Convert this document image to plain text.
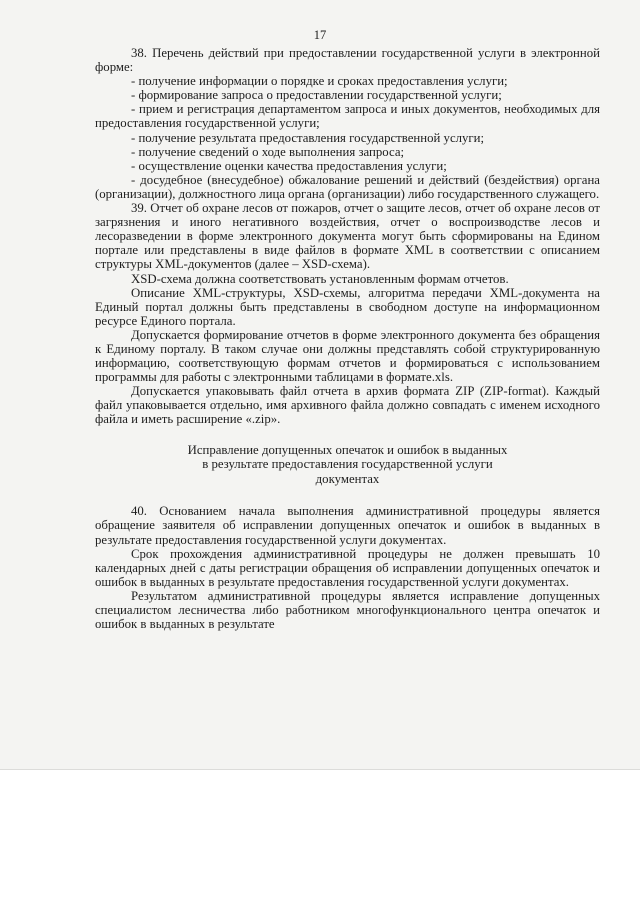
17

38. Перечень действий при предоставлении государственной услуги в электронной форме:

- получение информации о порядке и сроках предоставления услуги;

- формирование запроса о предоставлении государственной услуги;

- прием и регистрация департаментом запроса и иных документов, необходимых для предоставления государственной услуги;

- получение результата предоставления государственной услуги;

- получение сведений о ходе выполнения запроса;

- осуществление оценки качества предоставления услуги;

- досудебное (внесудебное) обжалование решений и действий (бездействия) органа (организации), должностного лица органа (организации) либо государственного служащего.

39. Отчет об охране лесов от пожаров, отчет о защите лесов, отчет об охране лесов от загрязнения и иного негативного воздействия, отчет о воспроизводстве лесов и лесоразведении в форме электронного документа могут быть сформированы на Едином портале или представлены в виде файлов в формате XML в соответствии с описанием структуры XML-документов (далее – XSD-схема).

XSD-схема должна соответствовать установленным формам отчетов.

Описание XML-структуры, XSD-схемы, алгоритма передачи XML-документа на Единый портал должны быть представлены в свободном доступе на информационном ресурсе Единого портала.

Допускается формирование отчетов в форме электронного документа без обращения к Единому порталу. В таком случае они должны представлять собой структурированную информацию, соответствующую формам отчетов и формироваться с использованием программы для работы с электронными таблицами в формате.xls.

Допускается упаковывать файл отчета в архив формата ZIP (ZIP-format). Каждый файл упаковывается отдельно, имя архивного файла должно совпадать с именем исходного файла и иметь расширение «.zip».

Исправление допущенных опечаток и ошибок в выданных
в результате предоставления государственной услуги
документах

40. Основанием начала выполнения административной процедуры является обращение заявителя об исправлении допущенных опечаток и ошибок в выданных в результате предоставления государственной услуги документах.

Срок прохождения административной процедуры не должен превышать 10 календарных дней с даты регистрации обращения об исправлении допущенных опечаток и ошибок в выданных в результате предоставления государственной услуги документах.

Результатом административной процедуры является исправление допущенных специалистом лесничества либо работником многофункционального центра опечаток и ошибок в выданных в результате
